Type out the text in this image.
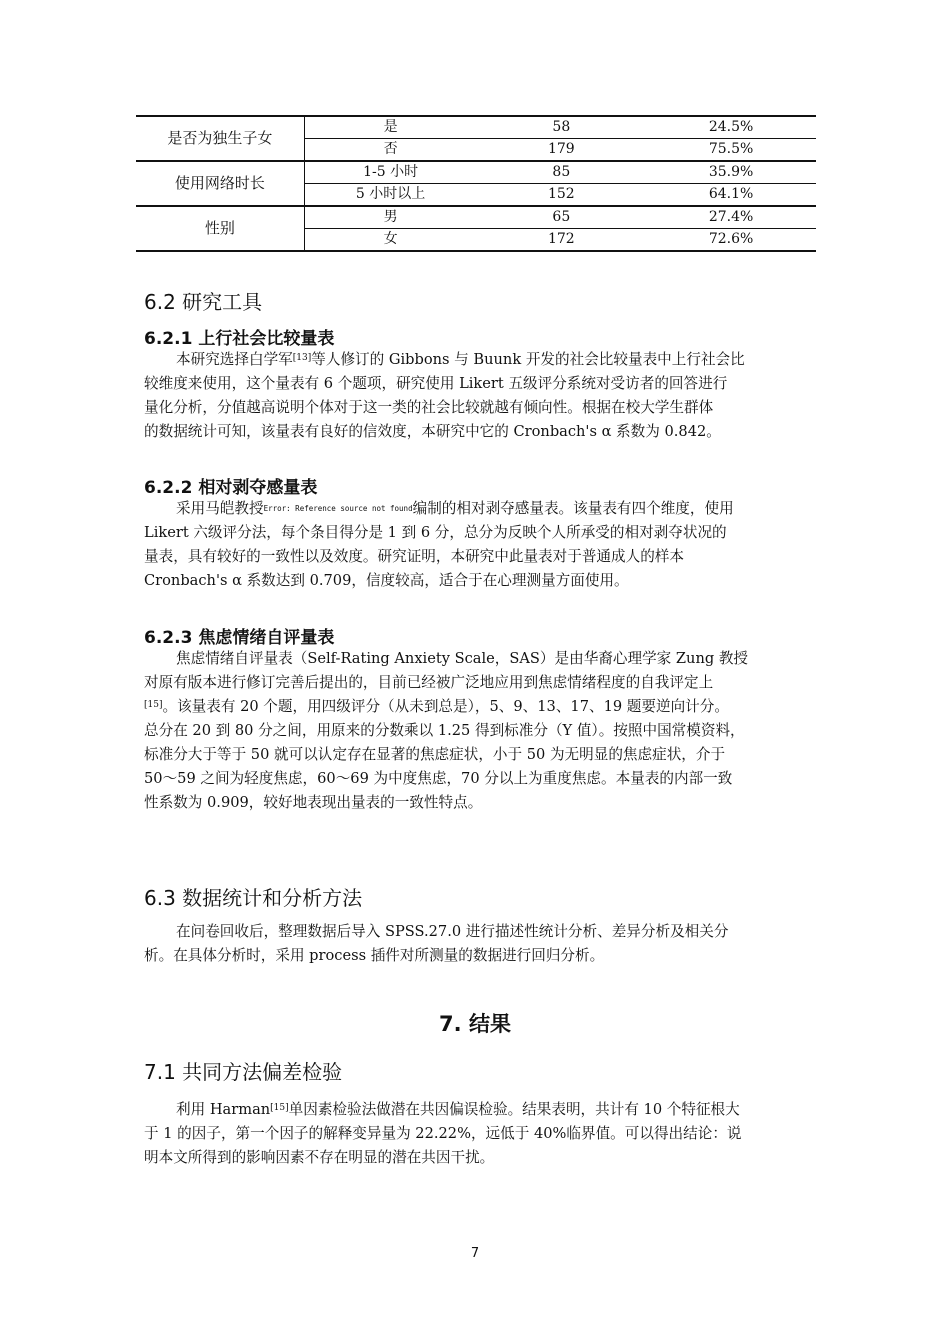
是否为独生子女	是	58	24.5%
	否	179	75.5%
使用网络时长	1-5 小时	85	35.9%
	5 小时以上	152	64.1%
性别	男	65	27.4%
	女	172	72.6%
6.2 研究工具
6.2.1 上行社会比较量表
本研究选择白学军[13]等人修订的 Gibbons 与 Buunk 开发的社会比较量表中上行社会比
较维度来使用，这个量表有 6 个题项，研究使用 Likert 五级评分系统对受访者的回答进行
量化分析，分值越高说明个体对于这一类的社会比较就越有倾向性。根据在校大学生群体
的数据统计可知，该量表有良好的信效度，本研究中它的 Cronbach's α 系数为 0.842。
6.2.2 相对剥夺感量表
采用马皑教授$^{Error: Reference source not found}$编制的相对剥夺感量表。该量表有四个维度，使用
Likert 六级评分法，每个条目得分是 1 到 6 分，总分为反映个人所承受的相对剥夺状况的
量表，具有较好的一致性以及效度。研究证明，本研究中此量表对于普通成人的样本
Cronbach's α 系数达到 0.709，信度较高，适合于在心理测量方面使用。
6.2.3 焦虑情绪自评量表
焦虑情绪自评量表（Self-Rating Anxiety Scale，SAS）是由华裔心理学家 Zung 教授
对原有版本进行修订完善后提出的，目前已经被广泛地应用到焦虑情绪程度的自我评定上
[15]。该量表有 20 个题，用四级评分（从未到总是），5、9、13、17、19 题要逆向计分。
总分在 20 到 80 分之间，用原来的分数乘以 1.25 得到标准分（Y 值）。按照中国常模资料，
标准分大于等于 50 就可以认定存在显著的焦虑症状，小于 50 为无明显的焦虑症状，介于
50～59 之间为轻度焦虑，60～69 为中度焦虑，70 分以上为重度焦虑。本量表的内部一致
性系数为 0.909，较好地表现出量表的一致性特点。
6.3 数据统计和分析方法
在问卷回收后，整理数据后导入 SPSS.27.0 进行描述性统计分析、差异分析及相关分
析。在具体分析时，采用 process 插件对所测量的数据进行回归分析。
7. 结果
7.1 共同方法偏差检验
利用 Harman[15]单因素检验法做潜在共因偏误检验。结果表明，共计有 10 个特征根大
于 1 的因子，第一个因子的解释变异量为 22.22%，远低于 40%临界值。可以得出结论：说
明本文所得到的影响因素不存在明显的潜在共因干扰。
7
